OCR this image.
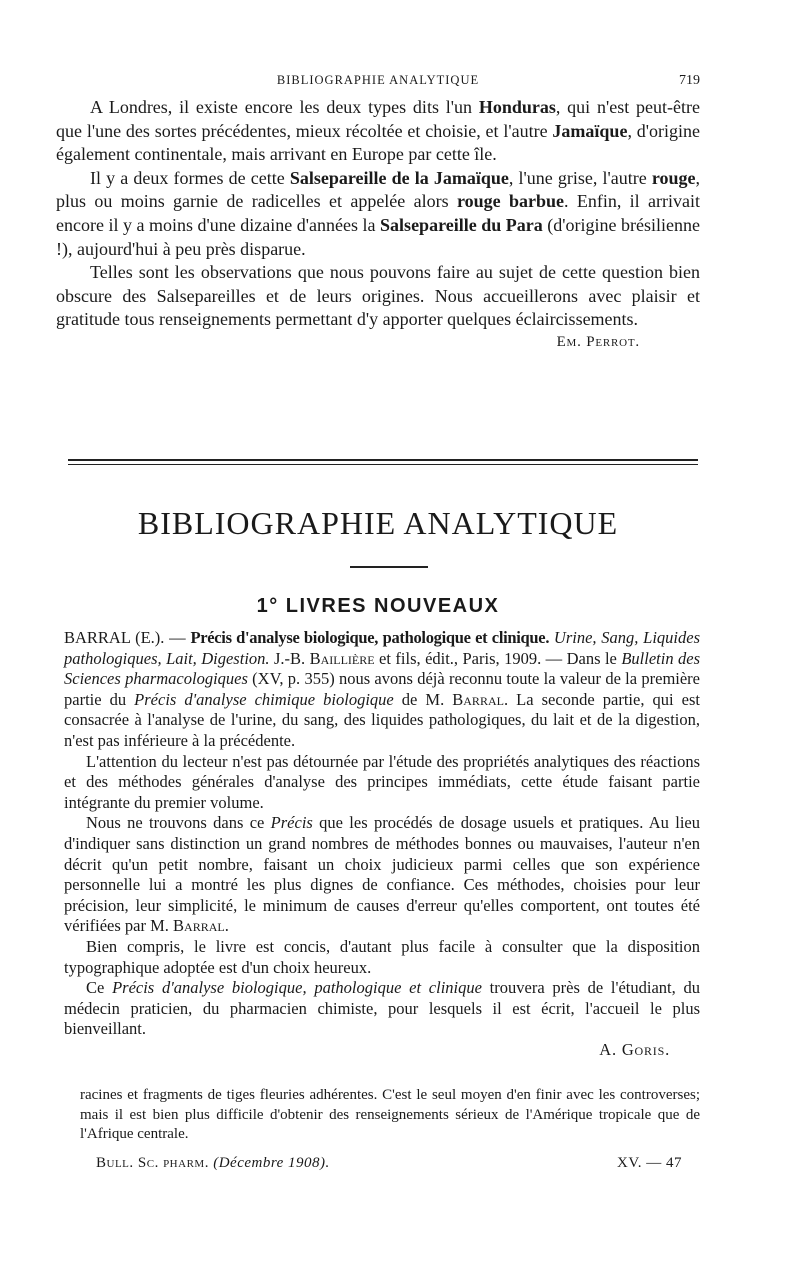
BIBLIOGRAPHIE ANALYTIQUE	719

A Londres, il existe encore les deux types dits l'un Honduras, qui n'est peut-être que l'une des sortes précédentes, mieux récoltée et choisie, et l'autre Jamaïque, d'origine également continentale, mais arrivant en Europe par cette île.

Il y a deux formes de cette Salsepareille de la Jamaïque, l'une grise, l'autre rouge, plus ou moins garnie de radicelles et appelée alors rouge barbue. Enfin, il arrivait encore il y a moins d'une dizaine d'années la Salsepareille du Para (d'origine brésilienne !), aujourd'hui à peu près disparue.

Telles sont les observations que nous pouvons faire au sujet de cette question bien obscure des Salsepareilles et de leurs origines. Nous accueillerons avec plaisir et gratitude tous renseignements permettant d'y apporter quelques éclaircissements.

Em. Perrot.

BIBLIOGRAPHIE ANALYTIQUE
1° LIVRES NOUVEAUX

BARRAL (E.). — Précis d'analyse biologique, pathologique et clinique. Urine, Sang, Liquides pathologiques, Lait, Digestion. J.-B. Baillière et fils, édit., Paris, 1909. — Dans le Bulletin des Sciences pharmacologiques (XV, p. 355) nous avons déjà reconnu toute la valeur de la première partie du Précis d'analyse chimique biologique de M. Barral. La seconde partie, qui est consacrée à l'analyse de l'urine, du sang, des liquides pathologiques, du lait et de la digestion, n'est pas inférieure à la précédente.

L'attention du lecteur n'est pas détournée par l'étude des propriétés analytiques des réactions et des méthodes générales d'analyse des principes immédiats, cette étude faisant partie intégrante du premier volume.

Nous ne trouvons dans ce Précis que les procédés de dosage usuels et pratiques. Au lieu d'indiquer sans distinction un grand nombres de méthodes bonnes ou mauvaises, l'auteur n'en décrit qu'un petit nombre, faisant un choix judicieux parmi celles que son expérience personnelle lui a montré les plus dignes de confiance. Ces méthodes, choisies pour leur précision, leur simplicité, le minimum de causes d'erreur qu'elles comportent, ont toutes été vérifiées par M. Barral.

Bien compris, le livre est concis, d'autant plus facile à consulter que la disposition typographique adoptée est d'un choix heureux.

Ce Précis d'analyse biologique, pathologique et clinique trouvera près de l'étudiant, du médecin praticien, du pharmacien chimiste, pour lesquels il est écrit, l'accueil le plus bienveillant.

A. Goris.

racines et fragments de tiges fleuries adhérentes. C'est le seul moyen d'en finir avec les controverses; mais il est bien plus difficile d'obtenir des renseignements sérieux de l'Amérique tropicale que de l'Afrique centrale.

Bull. Sc. pharm. (Décembre 1908).	XV. — 47
